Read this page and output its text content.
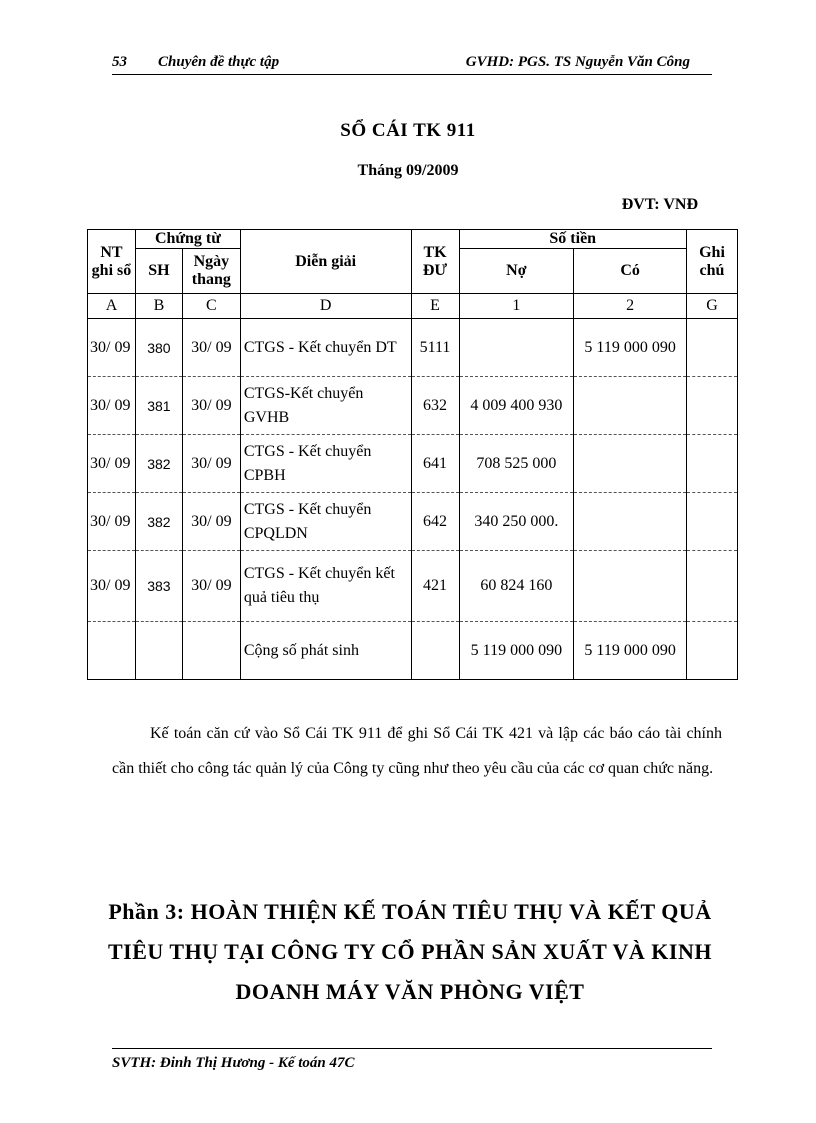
53 Chuyên đề thực tập	GVHD: PGS. TS Nguyễn Văn Công
SỔ CÁI TK 911
Tháng 09/2009
ĐVT: VNĐ
NT ghi sổ	Chứng từ		Diễn giải	TK ĐƯ	Số tiền		Ghi chú
	SH	Ngày thang			Nợ	Có	
A	B	C	D	E	1	2	G
30/ 09	380	30/ 09	CTGS - Kết chuyển DT	5111		5 119 000 090	
30/ 09	381	30/ 09	CTGS-Kết chuyển GVHB	632	4 009 400 930		
30/ 09	382	30/ 09	CTGS - Kết chuyển CPBH	641	708 525 000		
30/ 09	382	30/ 09	CTGS - Kết chuyển CPQLDN	642	340 250 000.		
30/ 09	383	30/ 09	CTGS - Kết chuyển kết quả tiêu thụ	421	60 824 160		
			Cộng số phát sinh		5 119 000 090	5 119 000 090	
Kế toán căn cứ vào Sổ Cái TK 911 để ghi Sổ Cái TK 421 và lập các báo cáo tài chính cần thiết cho công tác quản lý của Công ty cũng như theo yêu cầu của các cơ quan chức năng.
Phần 3: HOÀN THIỆN KẾ TOÁN TIÊU THỤ VÀ KẾT QUẢ TIÊU THỤ TẠI CÔNG TY CỔ PHẦN SẢN XUẤT VÀ KINH DOANH MÁY VĂN PHÒNG VIỆT
SVTH: Đinh Thị Hương - Kế toán 47C
